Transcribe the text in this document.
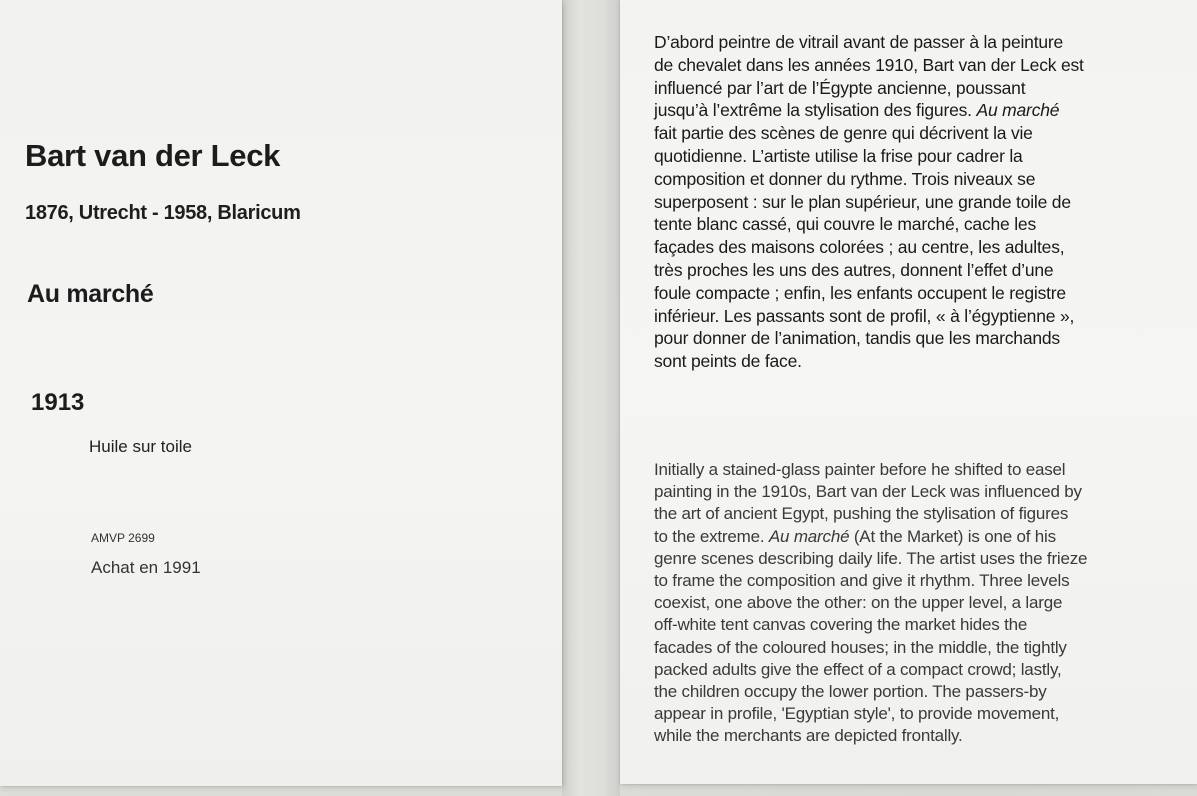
Bart van der Leck

1876, Utrecht - 1958, Blaricum

Au marché

1913

Huile sur toile

AMVP 2699

Achat en 1991

D’abord peintre de vitrail avant de passer à la peinture
de chevalet dans les années 1910, Bart van der Leck est
influencé par l’art de l’Égypte ancienne, poussant
jusqu’à l’extrême la stylisation des figures. Au marché
fait partie des scènes de genre qui décrivent la vie
quotidienne. L’artiste utilise la frise pour cadrer la
composition et donner du rythme. Trois niveaux se
superposent : sur le plan supérieur, une grande toile de
tente blanc cassé, qui couvre le marché, cache les
façades des maisons colorées ; au centre, les adultes,
très proches les uns des autres, donnent l’effet d’une
foule compacte ; enfin, les enfants occupent le registre
inférieur. Les passants sont de profil, « à l’égyptienne »,
pour donner de l’animation, tandis que les marchands
sont peints de face.
Initially a stained-glass painter before he shifted to easel
painting in the 1910s, Bart van der Leck was influenced by
the art of ancient Egypt, pushing the stylisation of figures
to the extreme. Au marché (At the Market) is one of his
genre scenes describing daily life. The artist uses the frieze
to frame the composition and give it rhythm. Three levels
coexist, one above the other: on the upper level, a large
off-white tent canvas covering the market hides the
facades of the coloured houses; in the middle, the tightly
packed adults give the effect of a compact crowd; lastly,
the children occupy the lower portion. The passers-by
appear in profile, 'Egyptian style', to provide movement,
while the merchants are depicted frontally.
